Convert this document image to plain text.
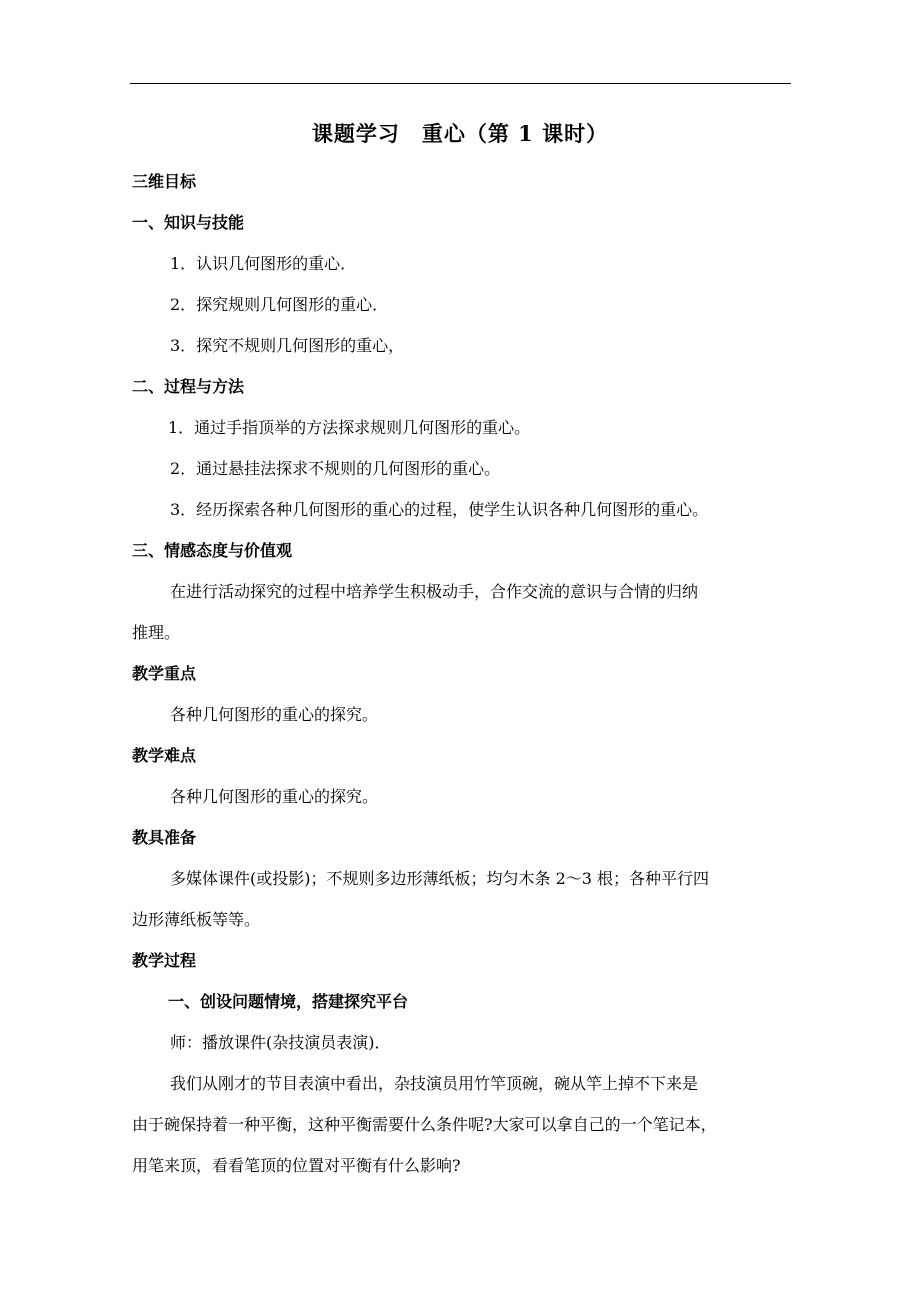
课题学习　重心（第 1 课时）
三维目标
一、知识与技能
1．认识几何图形的重心．
2．探究规则几何图形的重心．
3．探究不规则几何图形的重心，
二、过程与方法
1．通过手指顶举的方法探求规则几何图形的重心。
2．通过悬挂法探求不规则的几何图形的重心。
3．经历探索各种几何图形的重心的过程，使学生认识各种几何图形的重心。
三、情感态度与价值观
在进行活动探究的过程中培养学生积极动手，合作交流的意识与合情的归纳
推理。
教学重点
各种几何图形的重心的探究。
教学难点
各种几何图形的重心的探究。
教具准备
多媒体课件(或投影)；不规则多边形薄纸板；均匀木条 2～3 根；各种平行四
边形薄纸板等等。
教学过程
一、创设问题情境，搭建探究平台
师：播放课件(杂技演员表演)．
我们从刚才的节目表演中看出，杂技演员用竹竿顶碗，碗从竿上掉不下来是
由于碗保持着一种平衡，这种平衡需要什么条件呢?大家可以拿自己的一个笔记本，
用笔来顶，看看笔顶的位置对平衡有什么影响?
